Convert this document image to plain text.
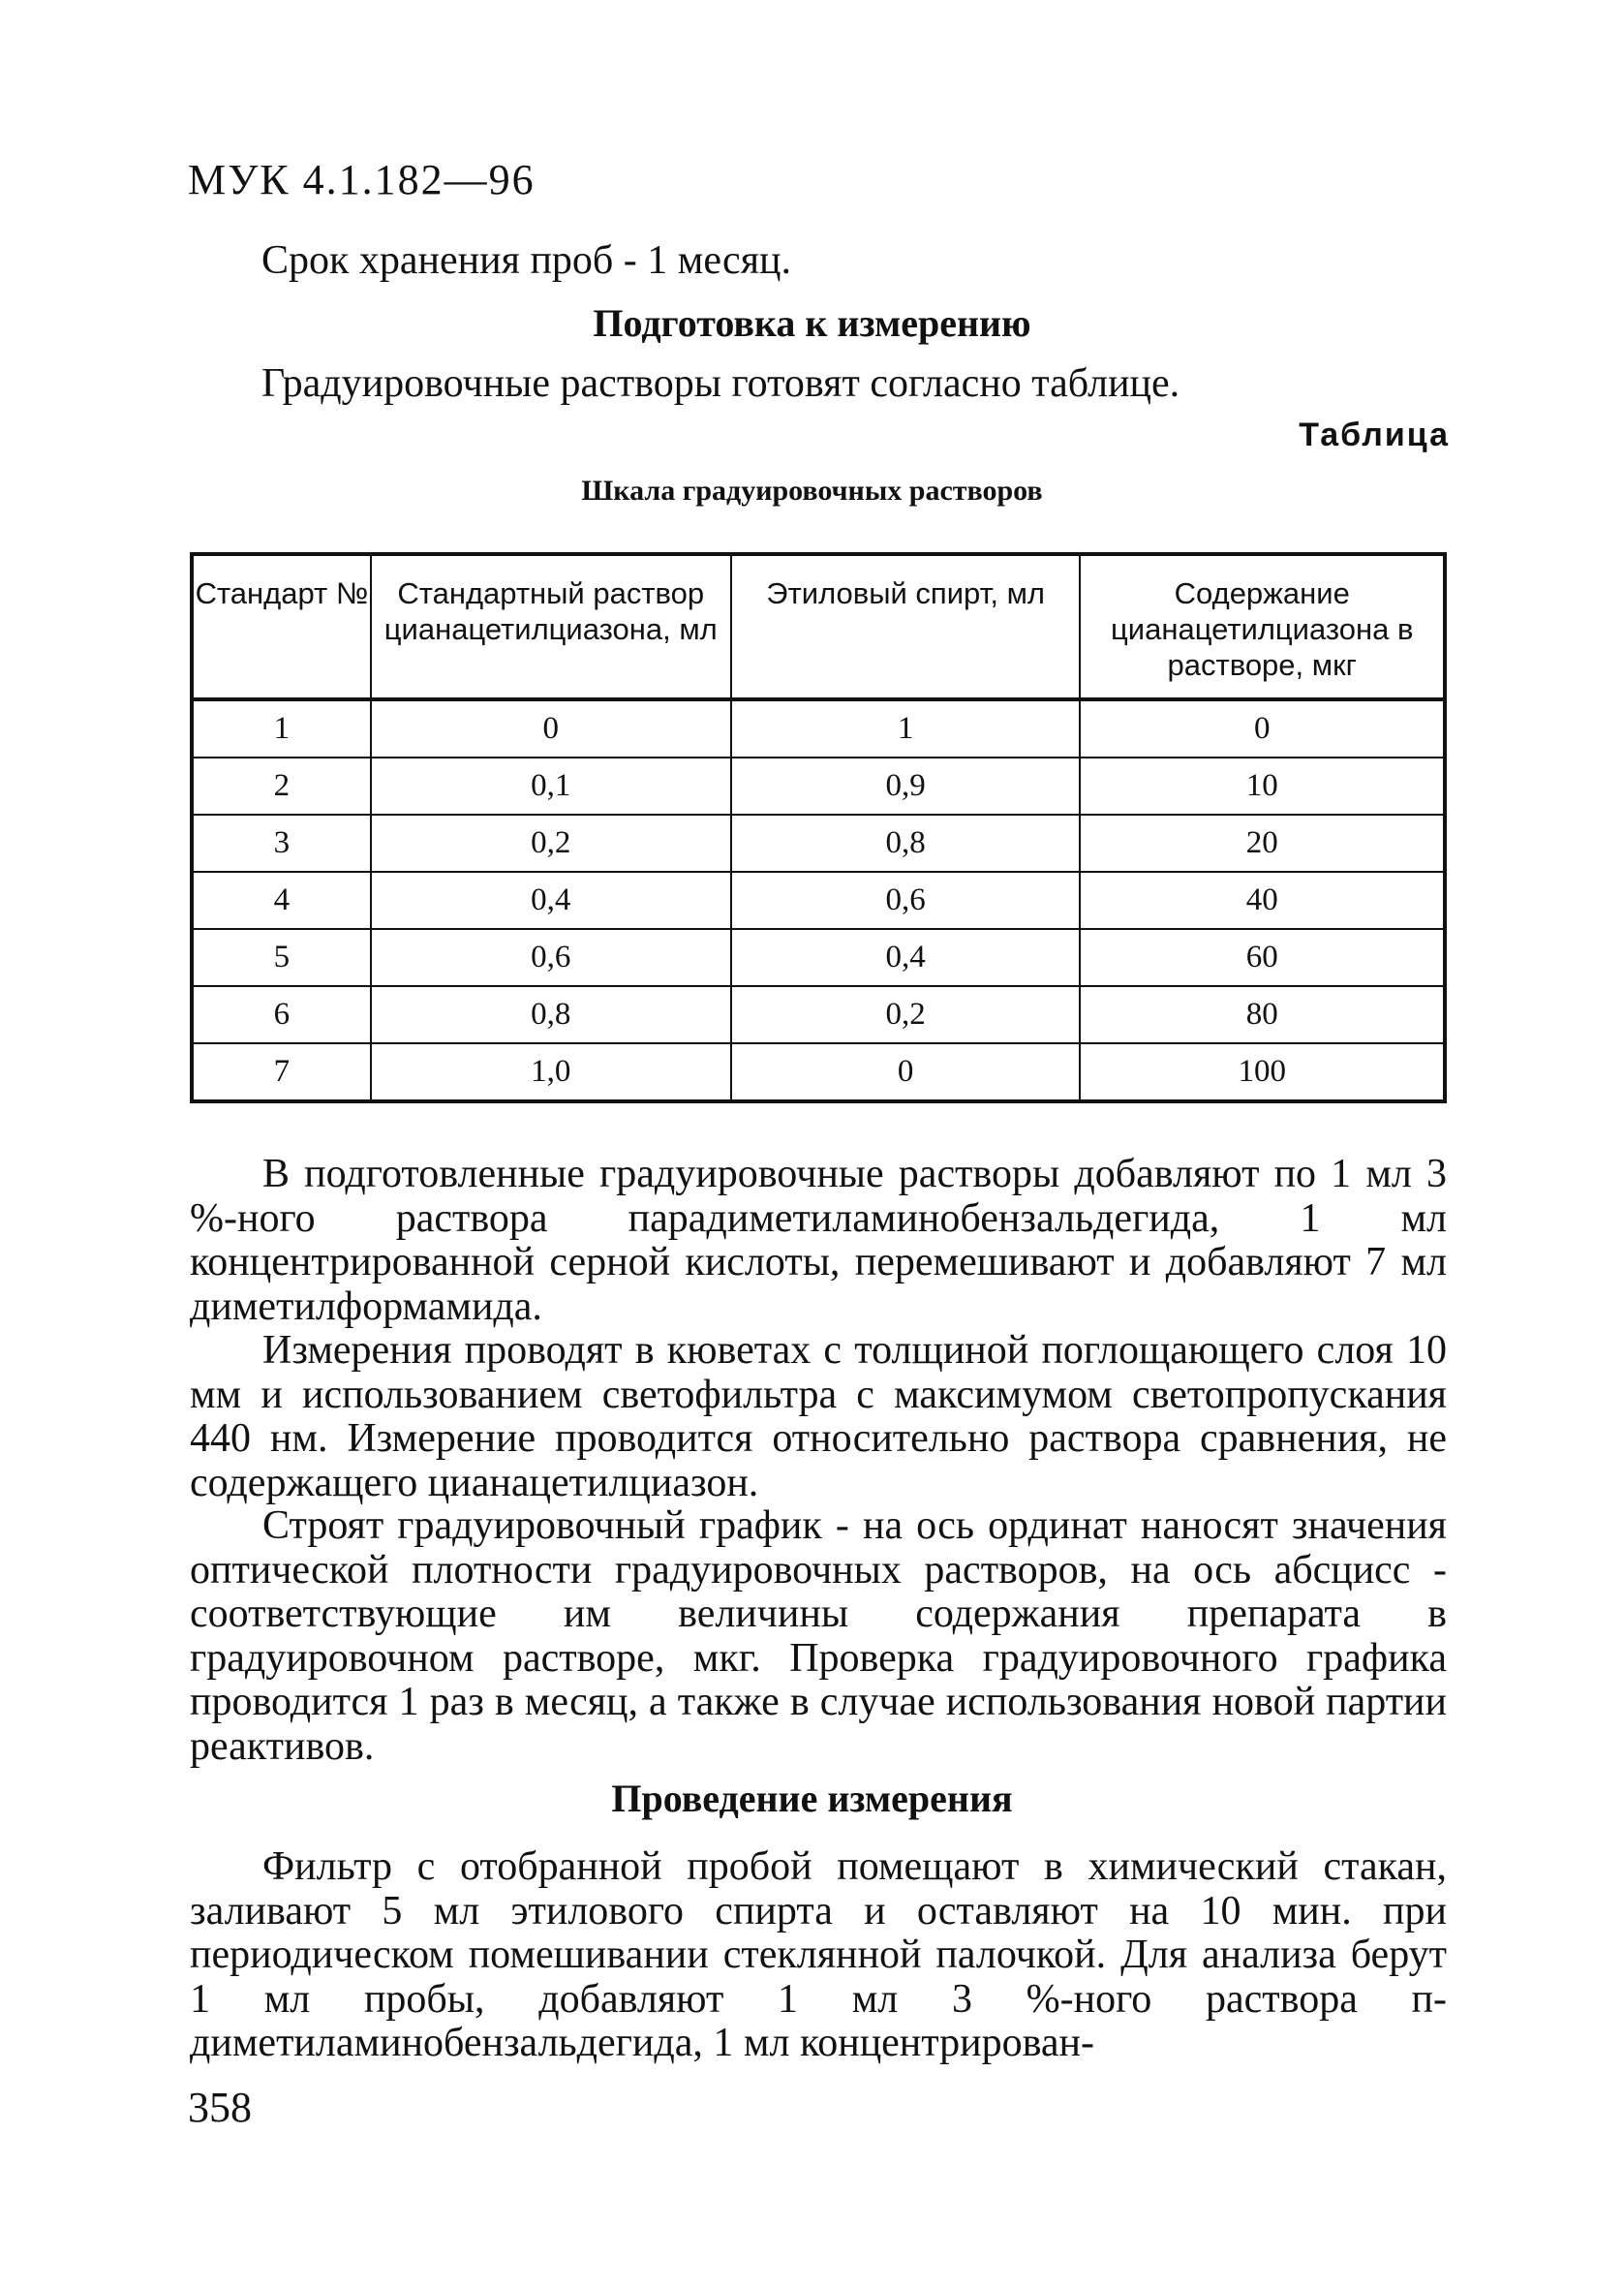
МУК 4.1.182—96
Срок хранения проб - 1 месяц.
Подготовка к измерению
Градуировочные растворы готовят согласно таблице.
Таблица
Шкала градуировочных растворов
Стандарт №	Стандартный раствор цианацетилциазона, мл	Этиловый спирт, мл	Содержание цианацетилциазона в растворе, мкг
1	0	1	0
2	0,1	0,9	10
3	0,2	0,8	20
4	0,4	0,6	40
5	0,6	0,4	60
6	0,8	0,2	80
7	1,0	0	100
В подготовленные градуировочные растворы добавляют по 1 мл 3 %-ного раствора парадиметиламинобензальдегида, 1 мл концентрированной серной кислоты, перемешивают и добавляют 7 мл диметилформамида.
Измерения проводят в кюветах с толщиной поглощающего слоя 10 мм и использованием светофильтра с максимумом светопропускания 440 нм. Измерение проводится относительно раствора сравнения, не содержащего цианацетилциазон.
Строят градуировочный график - на ось ординат наносят значения оптической плотности градуировочных растворов, на ось абсцисс - соответствующие им величины содержания препарата в градуировочном растворе, мкг. Проверка градуировочного графика проводится 1 раз в месяц, а также в случае использования новой партии реактивов.
Проведение измерения
Фильтр с отобранной пробой помещают в химический стакан, заливают 5 мл этилового спирта и оставляют на 10 мин. при периодическом помешивании стеклянной палочкой. Для анализа берут 1 мл пробы, добавляют 1 мл 3 %-ного раствора п-диметиламинобензальдегида, 1 мл концентрирован-
358
